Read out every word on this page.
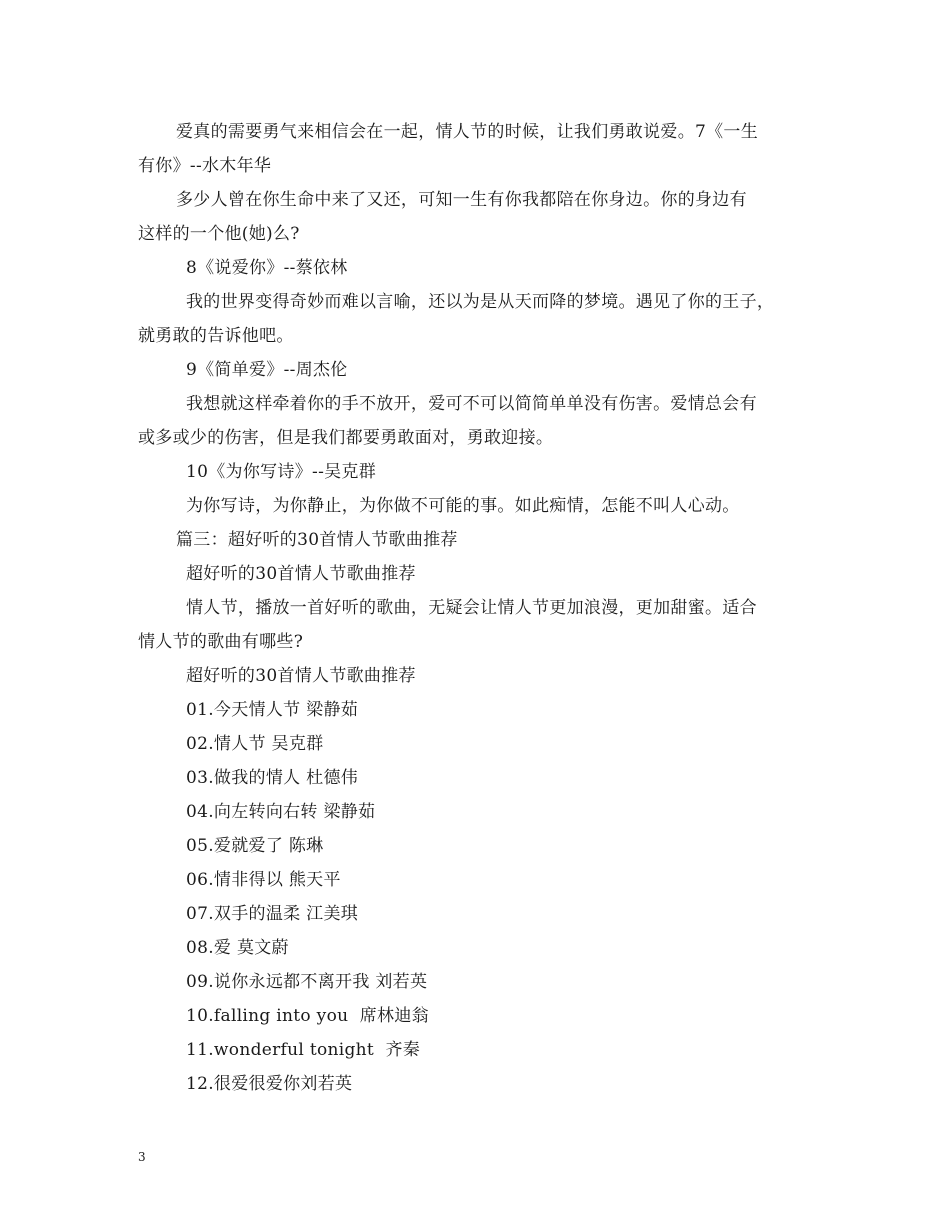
爱真的需要勇气来相信会在一起，情人节的时候，让我们勇敢说爱。7《一生
有你》--水木年华
多少人曾在你生命中来了又还，可知一生有你我都陪在你身边。你的身边有
这样的一个他(她)么?
8《说爱你》--蔡依林
我的世界变得奇妙而难以言喻，还以为是从天而降的梦境。遇见了你的王子，
就勇敢的告诉他吧。
9《简单爱》--周杰伦
我想就这样牵着你的手不放开，爱可不可以简简单单没有伤害。爱情总会有
或多或少的伤害，但是我们都要勇敢面对，勇敢迎接。
10《为你写诗》--吴克群
为你写诗，为你静止，为你做不可能的事。如此痴情，怎能不叫人心动。
篇三：超好听的30首情人节歌曲推荐
超好听的30首情人节歌曲推荐
情人节，播放一首好听的歌曲，无疑会让情人节更加浪漫，更加甜蜜。适合
情人节的歌曲有哪些?
超好听的30首情人节歌曲推荐
01.今天情人节 梁静茹
02.情人节 吴克群
03.做我的情人 杜德伟
04.向左转向右转 梁静茹
05.爱就爱了 陈琳
06.情非得以 熊天平
07.双手的温柔 江美琪
08.爱 莫文蔚
09.说你永远都不离开我 刘若英
10.falling into you  席林迪翁
11.wonderful tonight  齐秦
12.很爱很爱你刘若英
3
